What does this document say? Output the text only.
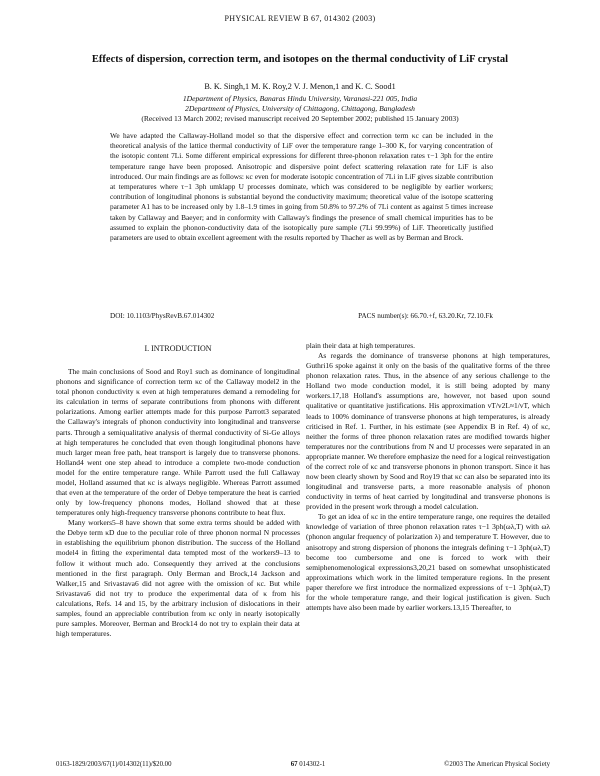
PHYSICAL REVIEW B 67, 014302 (2003)
Effects of dispersion, correction term, and isotopes on the thermal conductivity of LiF crystal
B. K. Singh,1 M. K. Roy,2 V. J. Menon,1 and K. C. Sood1
1Department of Physics, Banaras Hindu University, Varanasi-221 005, India
2Department of Physics, University of Chittagong, Chittagong, Bangladesh
(Received 13 March 2002; revised manuscript received 20 September 2002; published 15 January 2003)
We have adapted the Callaway-Holland model so that the dispersive effect and correction term κc can be included in the theoretical analysis of the lattice thermal conductivity of LiF over the temperature range 1–300 K, for varying concentration of the isotopic content 7Li. Some different empirical expressions for different three-phonon relaxation rates τ−1 3ph for the entire temperature range have been proposed. Anisotropic and dispersive point defect scattering relaxation rate for LiF is also introduced. Our main findings are as follows: κc even for moderate isotopic concentration of 7Li in LiF gives sizable contribution at temperatures where τ−1 3ph umklapp U processes dominate, which was considered to be negligible by earlier workers; contribution of longitudinal phonons is substantial beyond the conductivity maximum; theoretical value of the isotope scattering parameter A1 has to be increased only by 1.8–1.9 times in going from 50.8% to 97.2% of 7Li content as against 5 times increase taken by Callaway and Baeyer; and in conformity with Callaway's findings the presence of small chemical impurities has to be assumed to explain the phonon-conductivity data of the isotopically pure sample (7Li 99.99%) of LiF. Theoretically justified parameters are used to obtain excellent agreement with the results reported by Thacher as well as by Berman and Brock.
DOI: 10.1103/PhysRevB.67.014302	PACS number(s): 66.70.+f, 63.20.Kr, 72.10.Fk
I. INTRODUCTION

The main conclusions of Sood and Roy1 such as dominance of longitudinal phonons and significance of correction term κc of the Callaway model2 in the total phonon conductivity κ even at high temperatures demand a remodeling for its calculation in terms of separate contributions from phonons with different polarizations. Among earlier attempts made for this purpose Parrott3 separated the Callaway's integrals of phonon conductivity into longitudinal and transverse parts. Through a semiqualitative analysis of thermal conductivity of Si-Ge alloys at high temperatures he concluded that even though longitudinal phonons have much larger mean free path, heat transport is largely due to transverse phonons. Holland4 went one step ahead to introduce a complete two-mode conduction model for the entire temperature range. While Parrott used the full Callaway model, Holland assumed that κc is always negligible. Whereas Parrott assumed that even at the temperature of the order of Debye temperature the heat is carried only by low-frequency phonons modes, Holland showed that at these temperatures only high-frequency transverse phonons contribute to heat flux.

Many workers5–8 have shown that some extra terms should be added with the Debye term κD due to the peculiar role of three phonon normal N processes in establishing the equilibrium phonon distribution. The success of the Holland model4 in fitting the experimental data tempted most of the workers9–13 to follow it without much ado. Consequently they arrived at the conclusions mentioned in the first paragraph. Only Berman and Brock,14 Jackson and Walker,15 and Srivastava6 did not agree with the omission of κc. But while Srivastava6 did not try to produce the experimental data of κ from his calculations, Refs. 14 and 15, by the arbitrary inclusion of dislocations in their samples, found an appreciable contribution from κc only in nearly isotopically pure samples. Moreover, Berman and Brock14 do not try to explain their data at high temperatures.

plain their data at high temperatures.

As regards the dominance of transverse phonons at high temperatures, Guthri16 spoke against it only on the basis of the qualitative forms of the three phonon relaxation rates. Thus, in the absence of any serious challenge to the Holland two mode conduction model, it is still being adopted by many workers.17,18 Holland's assumptions are, however, not based upon sound qualitative or quantitative justifications. His approximation vT/v2L≈1/vT, which leads to 100% dominance of transverse phonons at high temperatures, is already criticised in Ref. 1. Further, in his estimate (see Appendix B in Ref. 4) of κc, neither the forms of three phonon relaxation rates are modified towards higher temperatures nor the contributions from N and U processes were separated in an appropriate manner. We therefore emphasize the need for a logical reinvestigation of the correct role of κc and transverse phonons in phonon transport. Since it has now been clearly shown by Sood and Roy19 that κc can also be separated into its longitudinal and transverse parts, a more reasonable analysis of phonon conductivity in terms of heat carried by longitudinal and transverse phonons is provided in the present work through a model calculation.

To get an idea of κc in the entire temperature range, one requires the detailed knowledge of variation of three phonon relaxation rates τ−1 3ph(ωλ,T) with ωλ (phonon angular frequency of polarization λ) and temperature T. However, due to anisotropy and strong dispersion of phonons the integrals defining τ−1 3ph(ωλ,T) become too cumbersome and one is forced to work with their semiphenomenological expressions3,20,21 based on somewhat unsophisticated approximations which work in the limited temperature regions. In the present paper therefore we first introduce the normalized expressions of τ−1 3ph(ωλ,T) for the whole temperature range, and their logical justification is given. Such attempts have also been made by earlier workers.13,15 Thereafter, to

0163-1829/2003/67(1)/014302(11)/$20.00	67 014302-1	©2003 The American Physical Society
